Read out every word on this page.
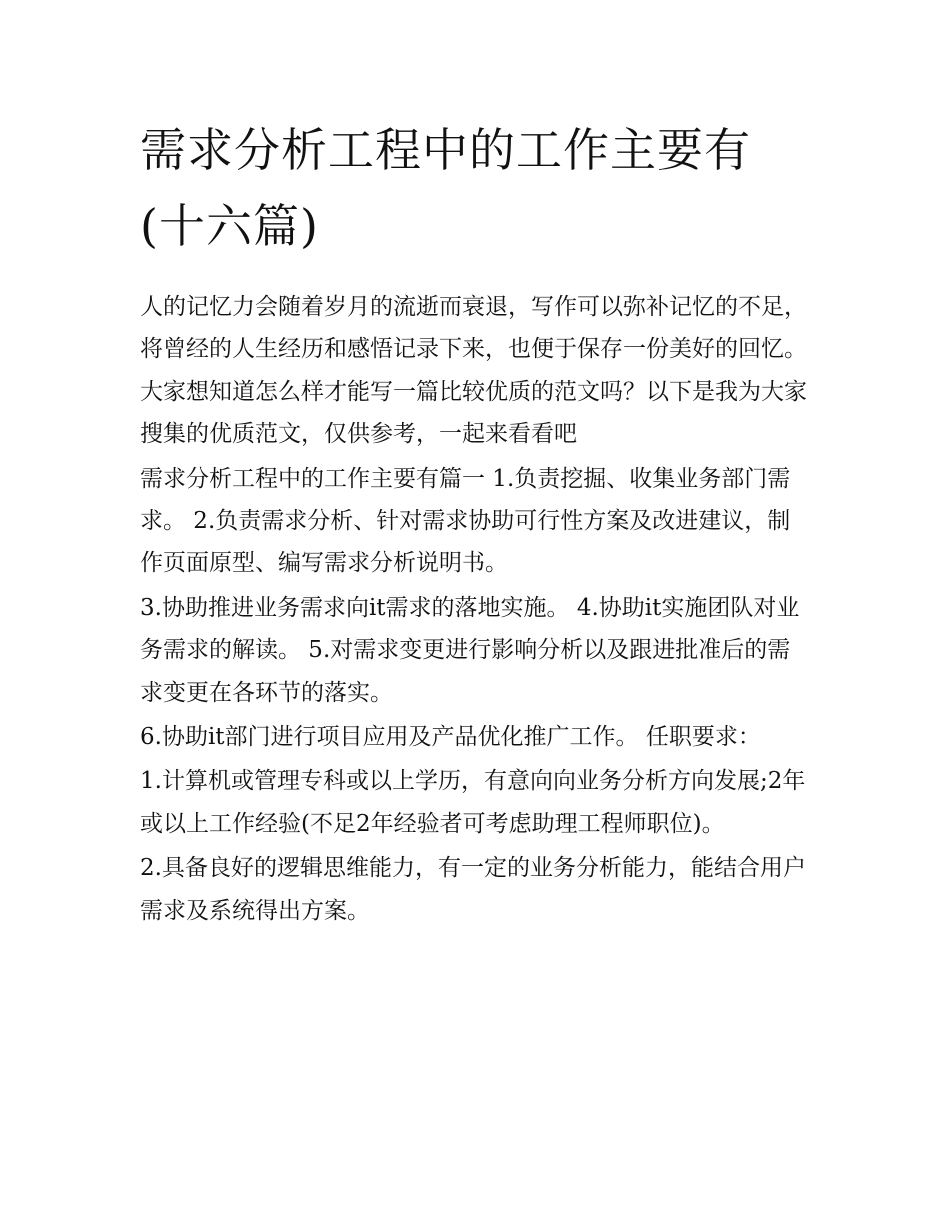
需求分析工程中的工作主要有(十六篇)

人的记忆力会随着岁月的流逝而衰退，写作可以弥补记忆的不足，将曾经的人生经历和感悟记录下来，也便于保存一份美好的回忆。大家想知道怎么样才能写一篇比较优质的范文吗？以下是我为大家搜集的优质范文，仅供参考，一起来看看吧

需求分析工程中的工作主要有篇一 1.负责挖掘、收集业务部门需求。 2.负责需求分析、针对需求协助可行性方案及改进建议，制作页面原型、编写需求分析说明书。

3.协助推进业务需求向it需求的落地实施。 4.协助it实施团队对业务需求的解读。 5.对需求变更进行影响分析以及跟进批准后的需求变更在各环节的落实。

6.协助it部门进行项目应用及产品优化推广工作。 任职要求：

1.计算机或管理专科或以上学历，有意向向业务分析方向发展;2年或以上工作经验(不足2年经验者可考虑助理工程师职位)。

2.具备良好的逻辑思维能力，有一定的业务分析能力，能结合用户需求及系统得出方案。
